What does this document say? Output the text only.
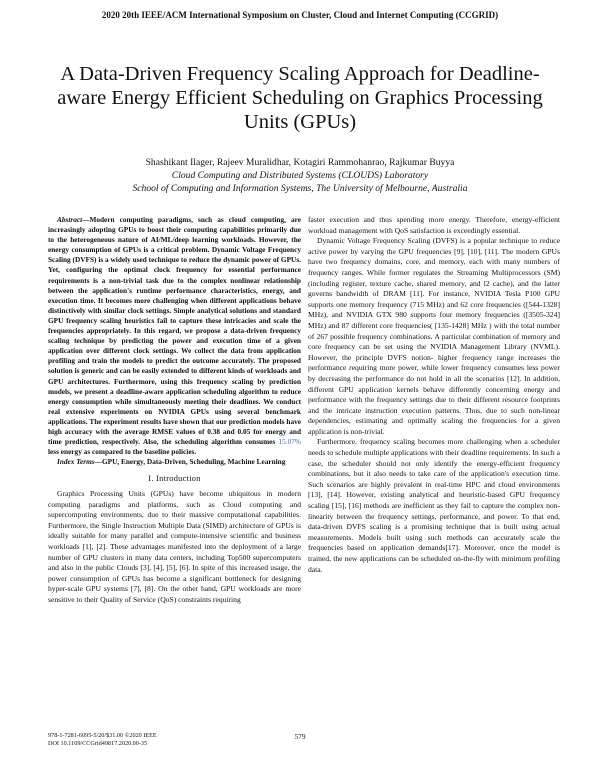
2020 20th IEEE/ACM International Symposium on Cluster, Cloud and Internet Computing (CCGRID)
A Data-Driven Frequency Scaling Approach for Deadline-aware Energy Efficient Scheduling on Graphics Processing Units (GPUs)
Shashikant Ilager, Rajeev Muralidhar, Kotagiri Rammohanrao, Rajkumar Buyya
Cloud Computing and Distributed Systems (CLOUDS) Laboratory
School of Computing and Information Systems, The University of Melbourne, Australia

Abstract—Modern computing paradigms, such as cloud computing, are increasingly adopting GPUs to boost their computing capabilities primarily due to the heterogeneous nature of AI/ML/deep learning workloads. However, the energy consumption of GPUs is a critical problem. Dynamic Voltage Frequency Scaling (DVFS) is a widely used technique to reduce the dynamic power of GPUs. Yet, configuring the optimal clock frequency for essential performance requirements is a non-trivial task due to the complex nonlinear relationship between the application's runtime performance characteristics, energy, and execution time. It becomes more challenging when different applications behave distinctively with similar clock settings. Simple analytical solutions and standard GPU frequency scaling heuristics fail to capture these intricacies and scale the frequencies appropriately. In this regard, we propose a data-driven frequency scaling technique by predicting the power and execution time of a given application over different clock settings. We collect the data from application profiling and train the models to predict the outcome accurately. The proposed solution is generic and can be easily extended to different kinds of workloads and GPU architectures. Furthermore, using this frequency scaling by prediction models, we present a deadline-aware application scheduling algorithm to reduce energy consumption while simultaneously meeting their deadlines. We conduct real extensive experiments on NVIDIA GPUs using several benchmark applications. The experiment results have shown that our prediction models have high accuracy with the average RMSE values of 0.38 and 0.05 for energy and time prediction, respectively. Also, the scheduling algorithm consumes 15.07% less energy as compared to the baseline policies.

Index Terms—GPU, Energy, Data-Driven, Scheduling, Machine Learning

I. Introduction

Graphics Processing Units (GPUs) have become ubiquitous in modern computing paradigms and platforms, such as Cloud computing and supercomputing environments, due to their massive computational capabilities. Furthermore, the Single Instruction Multiple Data (SIMD) architecture of GPUs is ideally suitable for many parallel and compute-intensive scientific and business workloads [1], [2]. These advantages manifested into the deployment of a large number of GPU clusters in many data centers, including Top500 supercomputers and also in the public Clouds [3], [4], [5], [6]. In spite of this increased usage, the power consumption of GPUs has become a significant bottleneck for designing hyper-scale GPU systems [7], [8]. On the other hand, GPU workloads are more sensitive to their Quality of Service (QoS) constraints requiring

faster execution and thus spending more energy. Therefore, energy-efficient workload management with QoS satisfaction is exceedingly essential.

Dynamic Voltage Frequency Scaling (DVFS) is a popular technique to reduce active power by varying the GPU frequencies [9], [10], [11]. The modern GPUs have two frequency domains, core, and memory, each with many numbers of frequency ranges. While former regulates the Streaming Multiprocessors (SM) (including register, texture cache, shared memory, and l2 cache), and the latter governs bandwidth of DRAM [11]. For instance, NVIDIA Tesla P100 GPU supports one memory frequency (715 MHz) and 62 core frequencies ([544-1328] MHz), and NVIDIA GTX 980 supports four memory frequencies ([3505-324] MHz) and 87 different core frequencies( [135-1428] MHz ) with the total number of 267 possible frequency combinations. A particular combination of memory and core frequency can be set using the NVIDIA Management Library (NVML). However, the principle DVFS notion- higher frequency range increases the performance requiring more power, while lower frequency consumes less power by decreasing the performance do not hold in all the scenarios [12]. In addition, different GPU application kernels behave differently concerning energy and performance with the frequency settings due to their different resource footprints and the intricate instruction execution patterns. Thus, due to such non-linear dependencies, estimating and optimally scaling the frequencies for a given application is non-trivial.

Furthermore, frequency scaling becomes more challenging when a scheduler needs to schedule multiple applications with their deadline requirements. In such a case, the scheduler should not only identify the energy-efficient frequency combinations, but it also needs to take care of the application's execution time. Such scenarios are highly prevalent in real-time HPC and cloud environments [13], [14]. However, existing analytical and heuristic-based GPU frequency scaling [15], [16] methods are inefficient as they fail to capture the complex non-linearity between the frequency settings, performance, and power. To that end, data-driven DVFS scaling is a promising technique that is built using actual measurements. Models built using such methods can accurately scale the frequencies based on application demands[17]. Moreover, once the model is trained, the new applications can be scheduled on-the-fly with minimum profiling data.

978-1-7281-6095-5/20/$31.00 ©2020 IEEE
DOI 10.1109/CCGrid49817.2020.00-35
579
